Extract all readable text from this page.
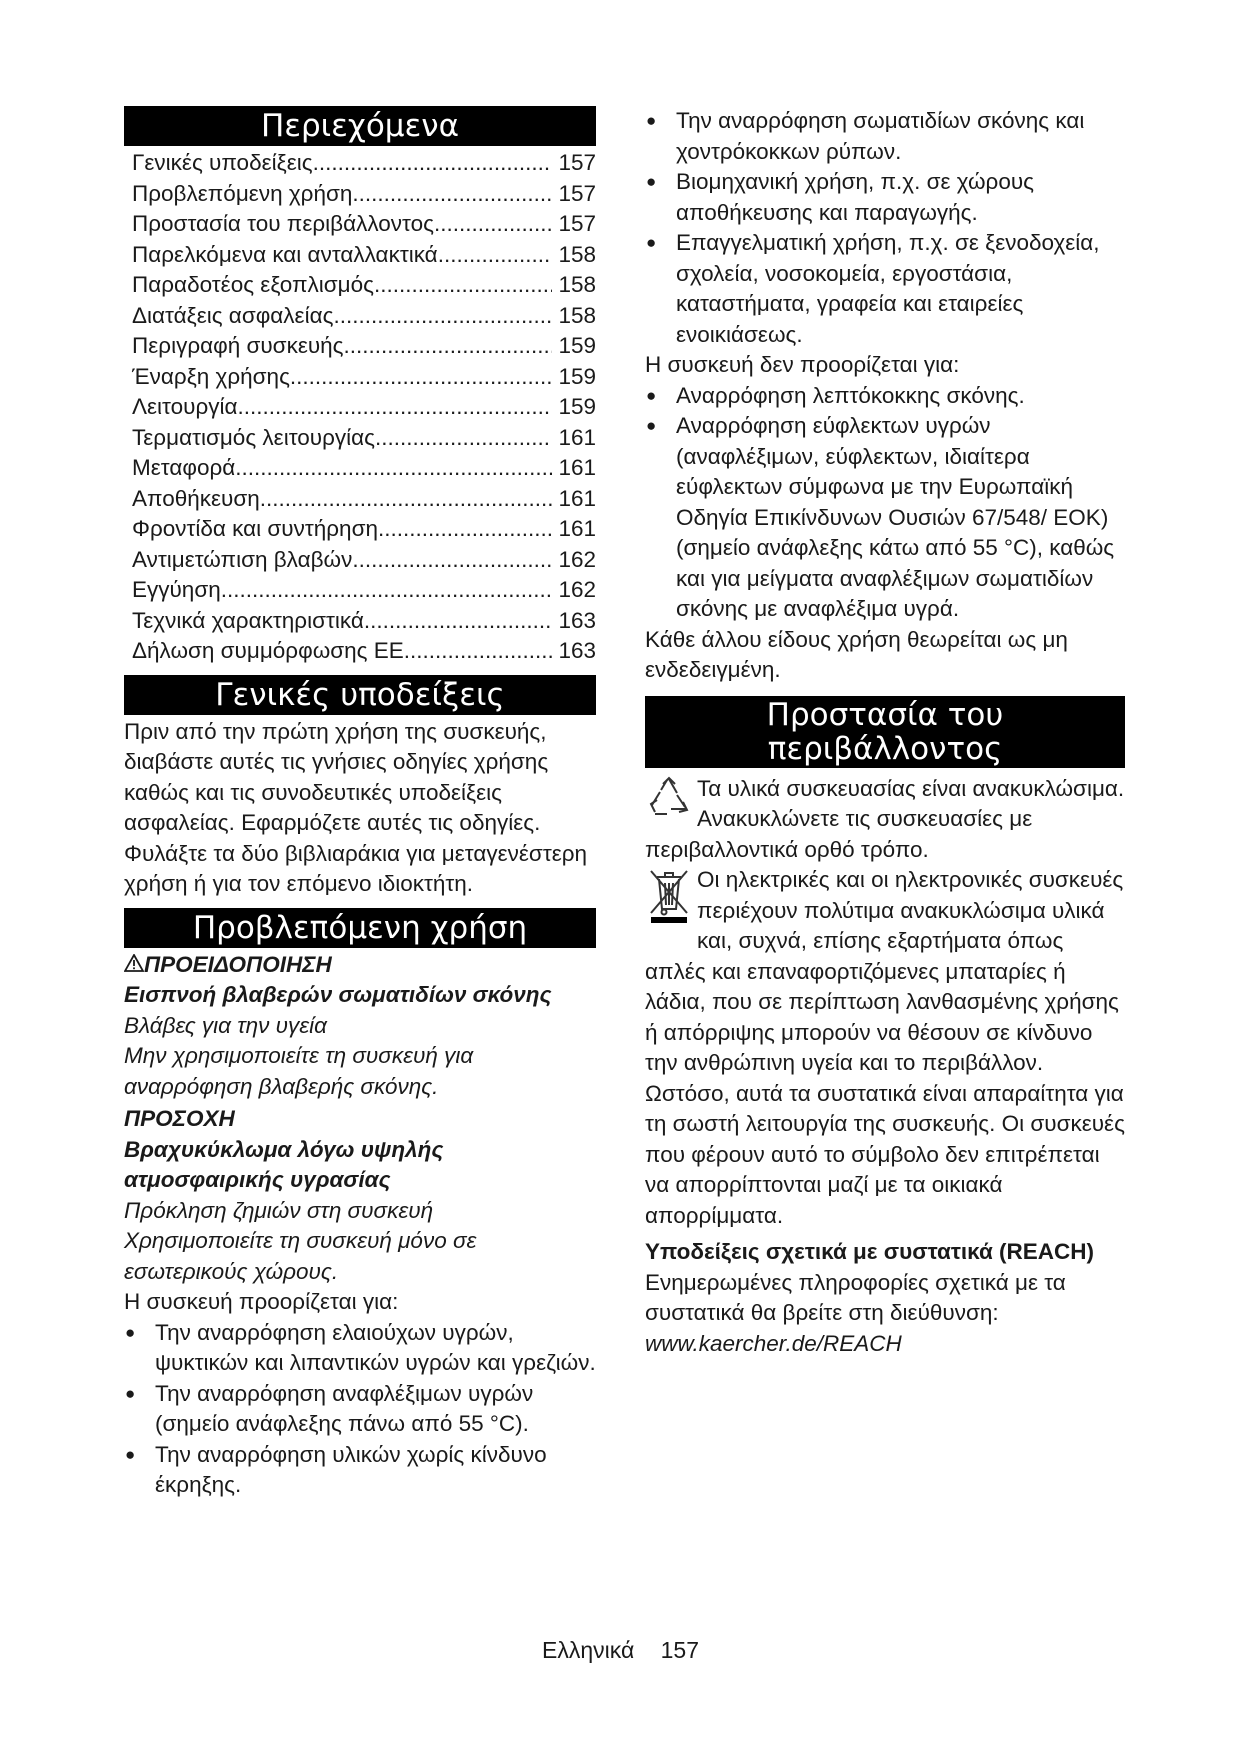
Περιεχόμενα
Γενικές υποδείξεις .....	157
Προβλεπόμενη χρήση .....	157
Προστασία του περιβάλλοντος .....	157
Παρελκόμενα και ανταλλακτικά .....	158
Παραδοτέος εξοπλισμός .....	158
Διατάξεις ασφαλείας .....	158
Περιγραφή συσκευής .....	159
Έναρξη χρήσης .....	159
Λειτουργία .....	159
Τερματισμός λειτουργίας .....	161
Μεταφορά .....	161
Αποθήκευση .....	161
Φροντίδα και συντήρηση .....	161
Αντιμετώπιση βλαβών .....	162
Εγγύηση .....	162
Τεχνικά χαρακτηριστικά .....	163
Δήλωση συμμόρφωσης ΕΕ .....	163
Γενικές υποδείξεις

Πριν από την πρώτη χρήση της συσκευής, διαβάστε αυτές τις γνήσιες οδηγίες χρήσης καθώς και τις συνοδευτικές υποδείξεις ασφαλείας. Εφαρμόζετε αυτές τις οδηγίες. Φυλάξτε τα δύο βιβλιαράκια για μεταγενέστερη χρήση ή για τον επόμενο ιδιοκτήτη.

Προβλεπόμενη χρήση

ΠΡΟΕΙΔΟΠΟΙΗΣΗ

Εισπνοή βλαβερών σωματιδίων σκόνης

Βλάβες για την υγεία

Μην χρησιμοποιείτε τη συσκευή για αναρρόφηση βλαβερής σκόνης.

ΠΡΟΣΟΧΗ

Βραχυκύκλωμα λόγω υψηλής ατμοσφαιρικής υγρασίας

Πρόκληση ζημιών στη συσκευή

Χρησιμοποιείτε τη συσκευή μόνο σε εσωτερικούς χώρους.

Η συσκευή προορίζεται για:

● Την αναρρόφηση ελαιούχων υγρών, ψυκτικών και λιπαντικών υγρών και γρεζιών.
● Την αναρρόφηση αναφλέξιμων υγρών (σημείο ανάφλεξης πάνω από 55 °C).
● Την αναρρόφηση υλικών χωρίς κίνδυνο έκρηξης.
● Την αναρρόφηση σωματιδίων σκόνης και χοντρόκοκκων ρύπων.
● Βιομηχανική χρήση, π.χ. σε χώρους αποθήκευσης και παραγωγής.
● Επαγγελματική χρήση, π.χ. σε ξενοδοχεία, σχολεία, νοσοκομεία, εργοστάσια, καταστήματα, γραφεία και εταιρείες ενοικιάσεως.

Η συσκευή δεν προορίζεται για:

● Αναρρόφηση λεπτόκοκκης σκόνης.
● Αναρρόφηση εύφλεκτων υγρών (αναφλέξιμων, εύφλεκτων, ιδιαίτερα εύφλεκτων σύμφωνα με την Ευρωπαϊκή Οδηγία Επικίνδυνων Ουσιών 67/548/ ΕΟΚ) (σημείο ανάφλεξης κάτω από 55 °C), καθώς και για μείγματα αναφλέξιμων σωματιδίων σκόνης με αναφλέξιμα υγρά.

Κάθε άλλου είδους χρήση θεωρείται ως μη ενδεδειγμένη.

Προστασία του
περιβάλλοντος

Τα υλικά συσκευασίας είναι ανακυκλώσιμα. Ανακυκλώνετε τις συσκευασίες με περιβαλλοντικά ορθό τρόπο.

Οι ηλεκτρικές και οι ηλεκτρονικές συσκευές περιέχουν πολύτιμα ανακυκλώσιμα υλικά και, συχνά, επίσης εξαρτήματα όπως απλές και επαναφορτιζόμενες μπαταρίες ή λάδια, που σε περίπτωση λανθασμένης χρήσης ή απόρριψης μπορούν να θέσουν σε κίνδυνο την ανθρώπινη υγεία και το περιβάλλον. Ωστόσο, αυτά τα συστατικά είναι απαραίτητα για τη σωστή λειτουργία της συσκευής. Οι συσκευές που φέρουν αυτό το σύμβολο δεν επιτρέπεται να απορρίπτονται μαζί με τα οικιακά απορρίμματα.

Υποδείξεις σχετικά με συστατικά (REACH)

Ενημερωμένες πληροφορίες σχετικά με τα συστατικά θα βρείτε στη διεύθυνση:

www.kaercher.de/REACH

Ελληνικά 157
